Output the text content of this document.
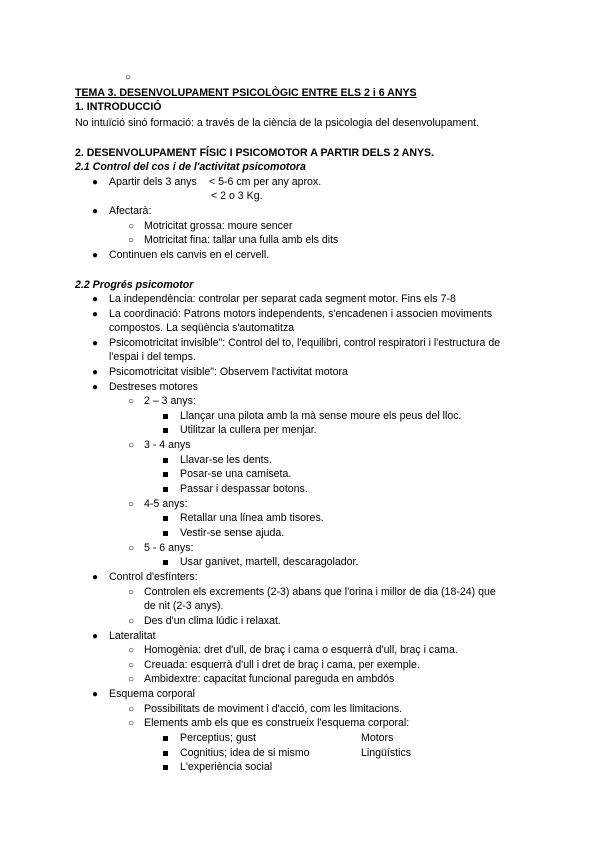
○
TEMA 3. DESENVOLUPAMENT PSICOLÒGIC ENTRE ELS 2 i 6 ANYS
1. INTRODUCCIÓ
No intuïció sinó formació: a través de la ciència de la psicologia del desenvolupament.
2. DESENVOLUPAMENT FÍSIC I PSICOMOTOR A PARTIR DELS 2 ANYS.
2.1 Control del cos i de l'activitat psicomotora
● Apartir dels 3 anys < 5-6 cm per any aprox.
< 2 o 3 Kg.
● Afectarà:
○ Motricitat grossa: moure sencer
○ Motricitat fina: tallar una fulla amb els dits
● Continuen els canvis en el cervell.
2.2 Progrés psicomotor
● La independència: controlar per separat cada segment motor. Fins els 7-8
● La coordinació: Patrons motors independents, s'encadenen i associen moviments
compostos. La seqüència s'automatitza
● Psicomotricitat invisible": Control del to, l'equilibri, control respiratori i l'estructura de
l'espai i del temps.
● Psicomotricitat visible": Observem l'activitat motora
● Destreses motores
○ 2 – 3 anys:
Llançar una pilota amb la mà sense moure els peus del lloc.
Utilitzar la cullera per menjar.
○ 3 - 4 anys
Llavar-se les dents.
Posar-se una camiseta.
Passar i despassar botons.
○ 4-5 anys:
Retallar una línea amb tisores.
Vestir-se sense ajuda.
○ 5 - 6 anys:
Usar ganivet, martell, descaragolador.
● Control d'esfínters:
○ Controlen els excrements (2-3) abans que l'orina i millor de dia (18-24) que
de nit (2-3 anys).
○ Des d'un clima lúdic i relaxat.
● Lateralitat
○ Homogènia: dret d'ull, de braç i cama o esquerrà d'ull, braç i cama.
○ Creuada: esquerrà d'ull i dret de braç i cama, per exemple.
○ Ambidextre: capacitat funcional pareguda en ambdós
● Esquema corporal
○ Possibilitats de moviment i d'acció, com les limitacions.
○ Elements amb els que es construeix l'esquema corporal:
Perceptius; gust	Motors
Cognitius; idea de si mismo	Lingüístics
L'experiència social
